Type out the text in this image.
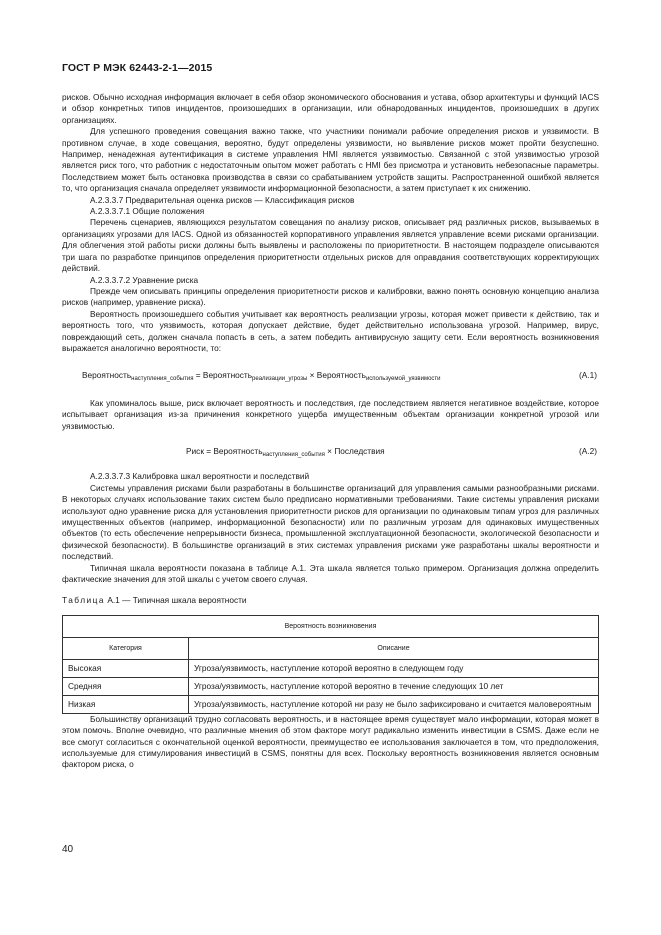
ГОСТ Р МЭК 62443-2-1—2015

рисков. Обычно исходная информация включает в себя обзор экономического обоснования и устава, обзор архитектуры и функций IACS и обзор конкретных типов инцидентов, произошедших в организации, или обнародованных инцидентов, произошедших в других организациях.

Для успешного проведения совещания важно также, что участники понимали рабочие определения рисков и уязвимости. В противном случае, в ходе совещания, вероятно, будут определены уязвимости, но выявление рисков может пройти безуспешно. Например, ненадежная аутентификация в системе управления HMI является уязвимостью. Связанной с этой уязвимостью угрозой является риск того, что работник с недостаточным опытом может работать с HMI без присмотра и установить небезопасные параметры. Последствием может быть остановка производства в связи со срабатыванием устройств защиты. Распространенной ошибкой является то, что организация сначала определяет уязвимости информационной безопасности, а затем приступает к их снижению.

А.2.3.3.7 Предварительная оценка рисков — Классификация рисков

А.2.3.3.7.1 Общие положения

Перечень сценариев, являющихся результатом совещания по анализу рисков, описывает ряд различных рисков, вызываемых в организациях угрозами для IACS. Одной из обязанностей корпоративного управления является управление всеми рисками организации. Для облегчения этой работы риски должны быть выявлены и расположены по приоритетности. В настоящем подразделе описываются три шага по разработке принципов определения приоритетности отдельных рисков для оправдания соответствующих корректирующих действий.

А.2.3.3.7.2 Уравнение риска

Прежде чем описывать принципы определения приоритетности рисков и калибровки, важно понять основную концепцию анализа рисков (например, уравнение риска).

Вероятность произошедшего события учитывает как вероятность реализации угрозы, которая может привести к действию, так и вероятность того, что уязвимость, которая допускает действие, будет действительно использована угрозой. Например, вирус, повреждающий сеть, должен сначала попасть в сеть, а затем победить антивирусную защиту сети. Если вероятность возникновения выражается аналогично вероятности, то:

Вероятность$_{наступления\_события}$ = Вероятность$_{реализации\_угрозы}$ × Вероятность$_{используемой\_уязвимости}$	(А.1)

Как упоминалось выше, риск включает вероятность и последствия, где последствием является негативное воздействие, которое испытывает организация из-за причинения конкретного ущерба имущественным объектам организации конкретной угрозой или уязвимостью.

Риск = Вероятность$_{наступления\_события}$ × Последствия	(А.2)

А.2.3.3.7.3 Калибровка шкал вероятности и последствий

Системы управления рисками были разработаны в большинстве организаций для управления самыми разнообразными рисками. В некоторых случаях использование таких систем было предписано нормативными требованиями. Такие системы управления рисками используют одно уравнение риска для установления приоритетности рисков для организации по одинаковым типам угроз для различных имущественных объектов (например, информационной безопасности) или по различным угрозам для одинаковых имущественных объектов (то есть обеспечение непрерывности бизнеса, промышленной эксплуатационной безопасности, экологической безопасности и физической безопасности). В большинстве организаций в этих системах управления рисками уже разработаны шкалы вероятности и последствий.

Типичная шкала вероятности показана в таблице А.1. Эта шкала является только примером. Организация должна определить фактические значения для этой шкалы с учетом своего случая.

Таблица А.1 — Типичная шкала вероятности
Вероятность возникновения	
Категория	Описание
Высокая	Угроза/уязвимость, наступление которой вероятно в следующем году
Средняя	Угроза/уязвимость, наступление которой вероятно в течение следующих 10 лет
Низкая	Угроза/уязвимость, наступление которой ни разу не было зафиксировано и считается маловероятным

Большинству организаций трудно согласовать вероятность, и в настоящее время существует мало информации, которая может в этом помочь. Вполне очевидно, что различные мнения об этом факторе могут радикально изменить инвестиции в CSMS. Даже если не все смогут согласиться с окончательной оценкой вероятности, преимущество ее использования заключается в том, что предположения, используемые для стимулирования инвестиций в CSMS, понятны для всех. Поскольку вероятность возникновения является основным фактором риска, о

40
